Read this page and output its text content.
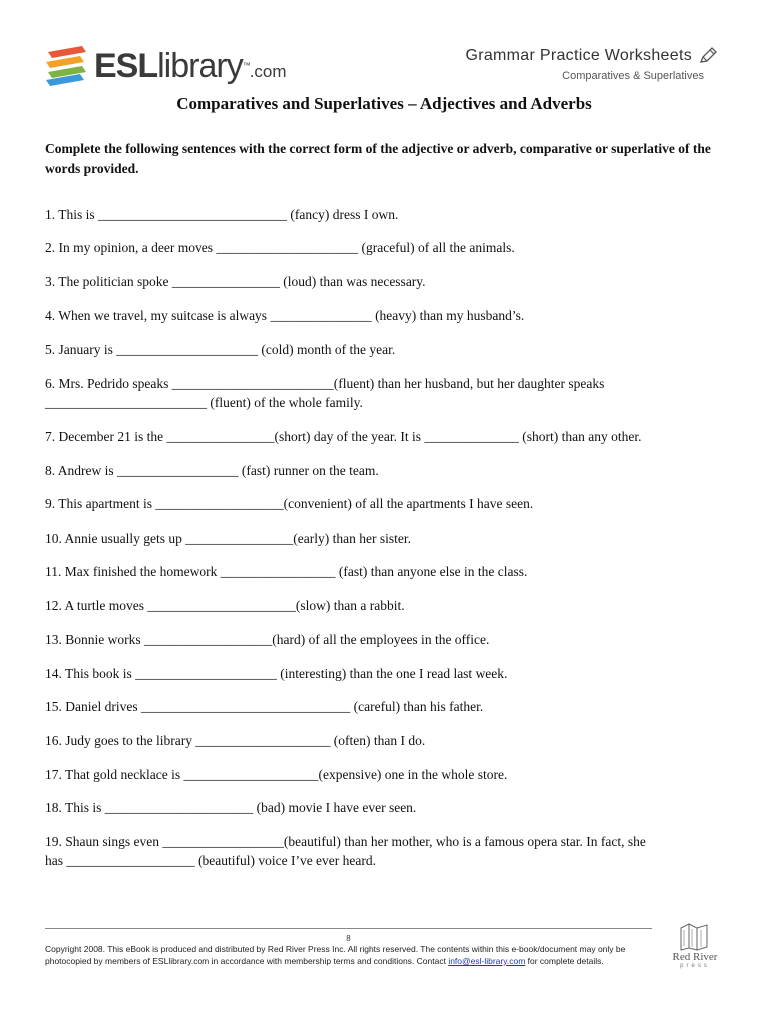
ESLlibrary™.com
Grammar Practice Worksheets
Comparatives & Superlatives
Comparatives and Superlatives – Adjectives and Adverbs

Complete the following sentences with the correct form of the adjective or adverb, comparative or superlative of the words provided.

1. This is ____________________________ (fancy) dress I own.
2. In my opinion, a deer moves _____________________ (graceful) of all the animals.
3. The politician spoke ________________ (loud) than was necessary.
4. When we travel, my suitcase is always _______________ (heavy) than my husband’s.
5. January is _____________________ (cold) month of the year.
6. Mrs. Pedrido speaks ________________________(fluent) than her husband, but her daughter speaks
________________________ (fluent) of the whole family.
7. December 21 is the ________________(short) day of the year. It is ______________ (short) than any other.
8. Andrew is __________________ (fast) runner on the team.
9. This apartment is ___________________(convenient) of all the apartments I have seen.
10. Annie usually gets up ________________(early) than her sister.
11. Max finished the homework _________________ (fast) than anyone else in the class.
12. A turtle moves ______________________(slow) than a rabbit.
13. Bonnie works ___________________(hard) of all the employees in the office.
14. This book is _____________________ (interesting) than the one I read last week.
15. Daniel drives _______________________________ (careful) than his father.
16. Judy goes to the library ____________________ (often) than I do.
17. That gold necklace is ____________________(expensive) one in the whole store.
18. This is ______________________ (bad) movie I have ever seen.
19. Shaun sings even __________________(beautiful) than her mother, who is a famous opera star. In fact, she
has ___________________ (beautiful) voice I’ve ever heard.
8

Copyright 2008. This eBook is produced and distributed by Red River Press Inc. All rights reserved. The contents within this e-book/document may only be photocopied by members of ESLlibrary.com in accordance with membership terms and conditions. Contact info@esl-library.com for complete details.	Red River
press
